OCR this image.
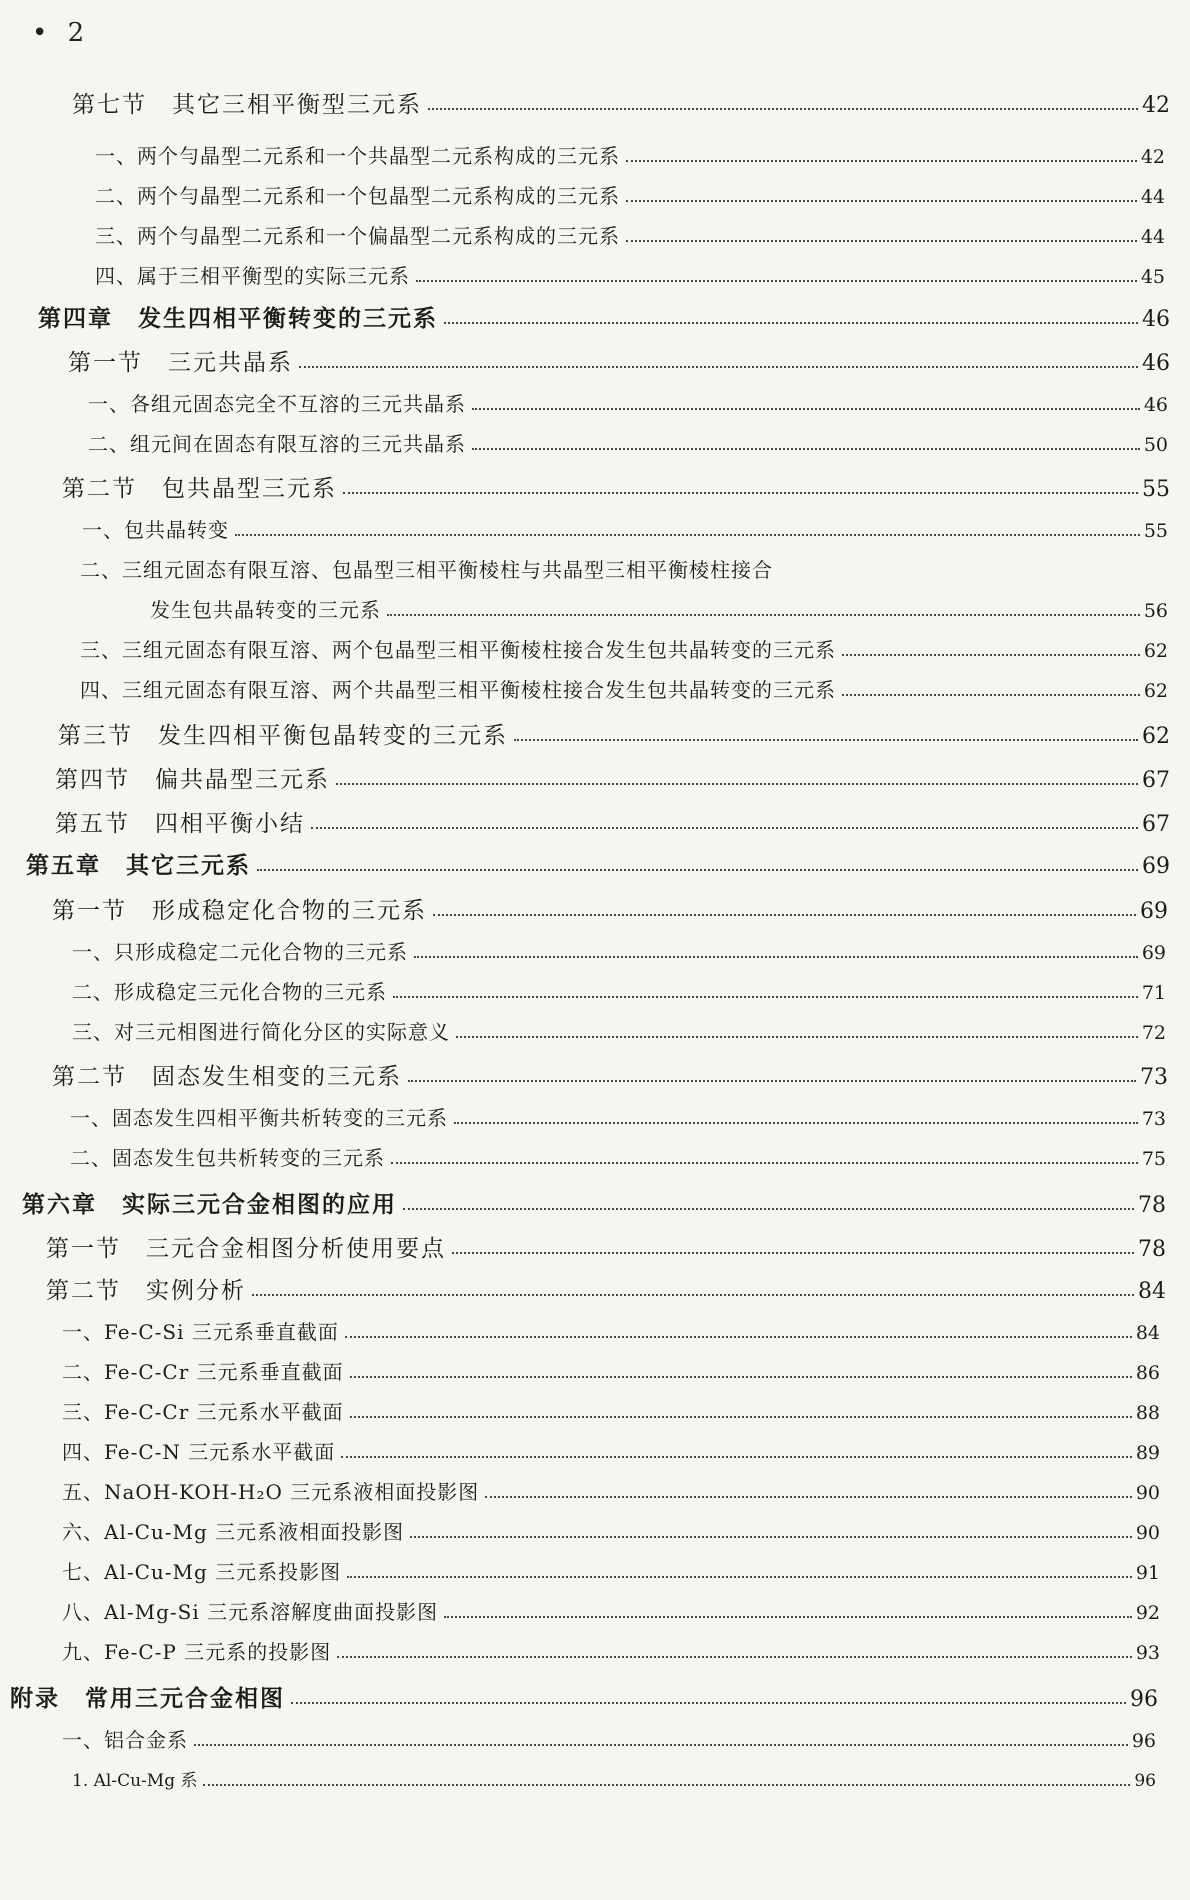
• 2
第七节　其它三相平衡型三元系	42
一、两个勻晶型二元系和一个共晶型二元系构成的三元系	42
二、两个勻晶型二元系和一个包晶型二元系构成的三元系	44
三、两个勻晶型二元系和一个偏晶型二元系构成的三元系	44
四、属于三相平衡型的实际三元系	45
第四章　发生四相平衡转变的三元系	46
第一节　三元共晶系	46
一、各组元固态完全不互溶的三元共晶系	46
二、组元间在固态有限互溶的三元共晶系	50
第二节　包共晶型三元系	55
一、包共晶转变	55
二、三组元固态有限互溶、包晶型三相平衡棱柱与共晶型三相平衡棱柱接合
发生包共晶转变的三元系	56
三、三组元固态有限互溶、两个包晶型三相平衡棱柱接合发生包共晶转变的三元系	62
四、三组元固态有限互溶、两个共晶型三相平衡棱柱接合发生包共晶转变的三元系	62
第三节　发生四相平衡包晶转变的三元系	62
第四节　偏共晶型三元系	67
第五节　四相平衡小结	67
第五章　其它三元系	69
第一节　形成稳定化合物的三元系	69
一、只形成稳定二元化合物的三元系	69
二、形成稳定三元化合物的三元系	71
三、对三元相图进行简化分区的实际意义	72
第二节　固态发生相变的三元系	73
一、固态发生四相平衡共析转变的三元系	73
二、固态发生包共析转变的三元系	75
第六章　实际三元合金相图的应用	78
第一节　三元合金相图分析使用要点	78
第二节　实例分析	84
一、Fe-C-Si 三元系垂直截面	84
二、Fe-C-Cr 三元系垂直截面	86
三、Fe-C-Cr 三元系水平截面	88
四、Fe-C-N 三元系水平截面	89
五、NaOH-KOH-H₂O 三元系液相面投影图	90
六、Al-Cu-Mg 三元系液相面投影图	90
七、Al-Cu-Mg 三元系投影图	91
八、Al-Mg-Si 三元系溶解度曲面投影图	92
九、Fe-C-P 三元系的投影图	93
附录　常用三元合金相图	96
一、铝合金系	96
1. Al-Cu-Mg 系	96
